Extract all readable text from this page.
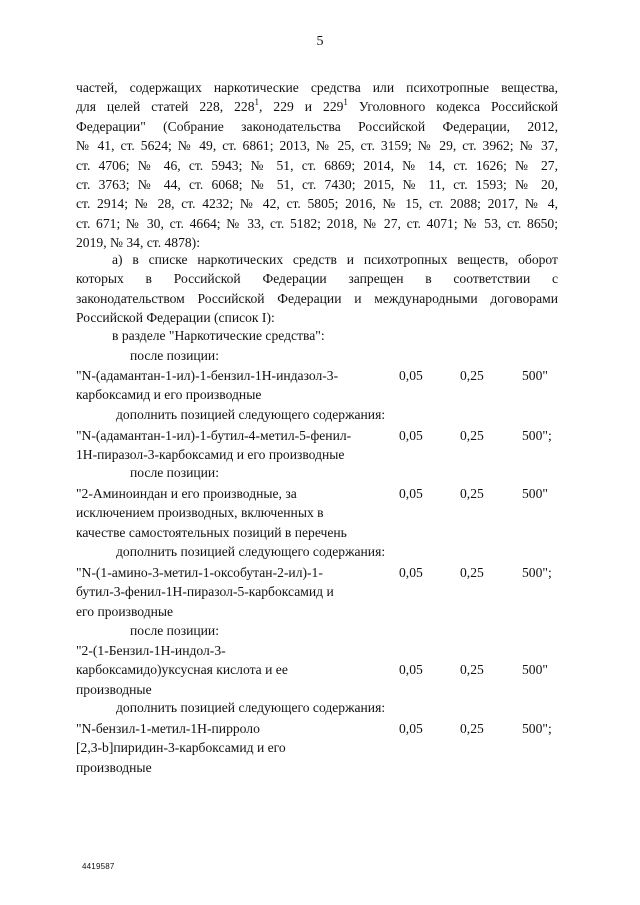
5
частей, содержащих наркотические средства или психотропные вещества,
для целей статей 228, $228^1$, 229 и $229^1$ Уголовного кодекса Российской
Федерации" (Собрание законодательства Российской Федерации, 2012,
№ 41, ст. 5624; № 49, ст. 6861; 2013, № 25, ст. 3159; № 29, ст. 3962; № 37,
ст. 4706; № 46, ст. 5943; № 51, ст. 6869; 2014, № 14, ст. 1626; № 27,
ст. 3763; № 44, ст. 6068; № 51, ст. 7430; 2015, № 11, ст. 1593; № 20,
ст. 2914; № 28, ст. 4232; № 42, ст. 5805; 2016, № 15, ст. 2088; 2017, № 4,
ст. 671; № 30, ст. 4664; № 33, ст. 5182; 2018, № 27, ст. 4071; № 53, ст. 8650;
2019, № 34, ст. 4878):
а) в списке наркотических средств и психотропных веществ, оборот
которых в Российской Федерации запрещен в соответствии с
законодательством Российской Федерации и международными договорами
Российской Федерации (список I):
в разделе "Наркотические средства":
после позиции:
"N-(адамантан-1-ил)-1-бензил-1Н-индазол-3-
карбоксамид и его производные
0,05	0,25	500"
дополнить позицией следующего содержания:
"N-(адамантан-1-ил)-1-бутил-4-метил-5-фенил-
1Н-пиразол-3-карбоксамид и его производные
0,05	0,25	500";
после позиции:
"2-Аминоиндан и его производные, за
исключением производных, включенных в
качестве самостоятельных позиций в перечень
0,05	0,25	500"
дополнить позицией следующего содержания:
"N-(1-амино-3-метил-1-оксобутан-2-ил)-1-
бутил-3-фенил-1Н-пиразол-5-карбоксамид и
его производные
0,05	0,25	500";
после позиции:
"2-(1-Бензил-1Н-индол-3-
карбоксамидо)уксусная кислота и ее
производные
0,05	0,25	500"
дополнить позицией следующего содержания:
"N-бензил-1-метил-1Н-пирроло
[2,3-b]пиридин-3-карбоксамид и его
производные
0,05	0,25	500";
4419587
